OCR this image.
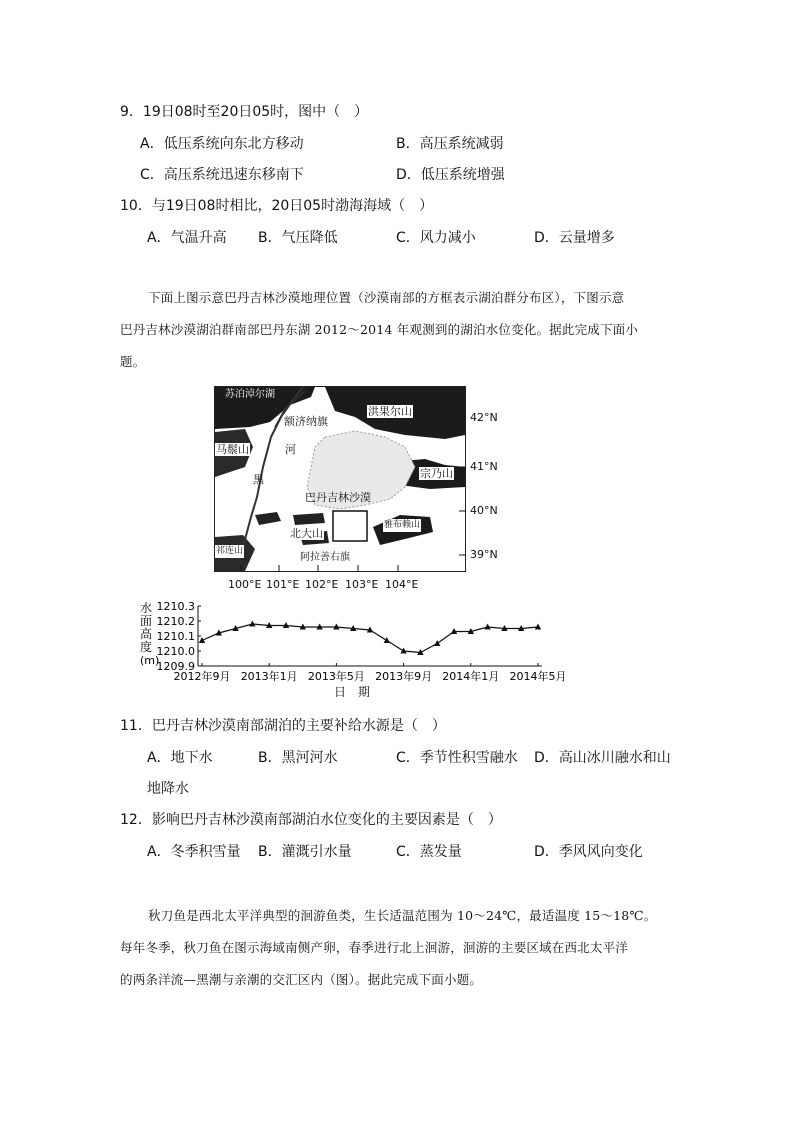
9．19日08时至20日05时，图中（　）
A．低压系统向东北方移动	B．高压系统减弱
C．高压系统迅速东移南下	D．低压系统增强
10．与19日08时相比，20日05时渤海海域（　）
A．气温升高 B．气压降低	C．风力减小	D．云量增多
下面上图示意巴丹吉林沙漠地理位置（沙漠南部的方框表示湖泊群分布区），下图示意
巴丹吉林沙漠湖泊群南部巴丹东湖 2012～2014 年观测到的湖泊水位变化。据此完成下面小
题。
苏泊淖尔湖
额济纳旗
洪果尔山
马鬃山	河
黑	宗乃山
巴丹吉林沙漠
雅布赖山
北大山
祁连山
阿拉善右旗
42°N
41°N
40°N
39°N
100°E 101°E 102°E 103°E 104°E
水
面
高
度
(m)
1210.3
1210.2
1210.1
1210.0
1209.9
2012年9月 2013年1月 2013年5月 2013年9月 2014年1月 2014年5月
日　期
11．巴丹吉林沙漠南部湖泊的主要补给水源是（　）
A．地下水	B．黑河河水	C．季节性积雪融水 D．高山冰川融水和山
地降水
12．影响巴丹吉林沙漠南部湖泊水位变化的主要因素是（　）
A．冬季积雪量 B．灌溉引水量	C．蒸发量	D．季风风向变化
秋刀鱼是西北太平洋典型的洄游鱼类，生长适温范围为 10～24℃，最适温度 15～18℃。
每年冬季，秋刀鱼在图示海域南侧产卵，春季进行北上洄游，洄游的主要区域在西北太平洋
的两条洋流—黑潮与亲潮的交汇区内（图）。据此完成下面小题。
